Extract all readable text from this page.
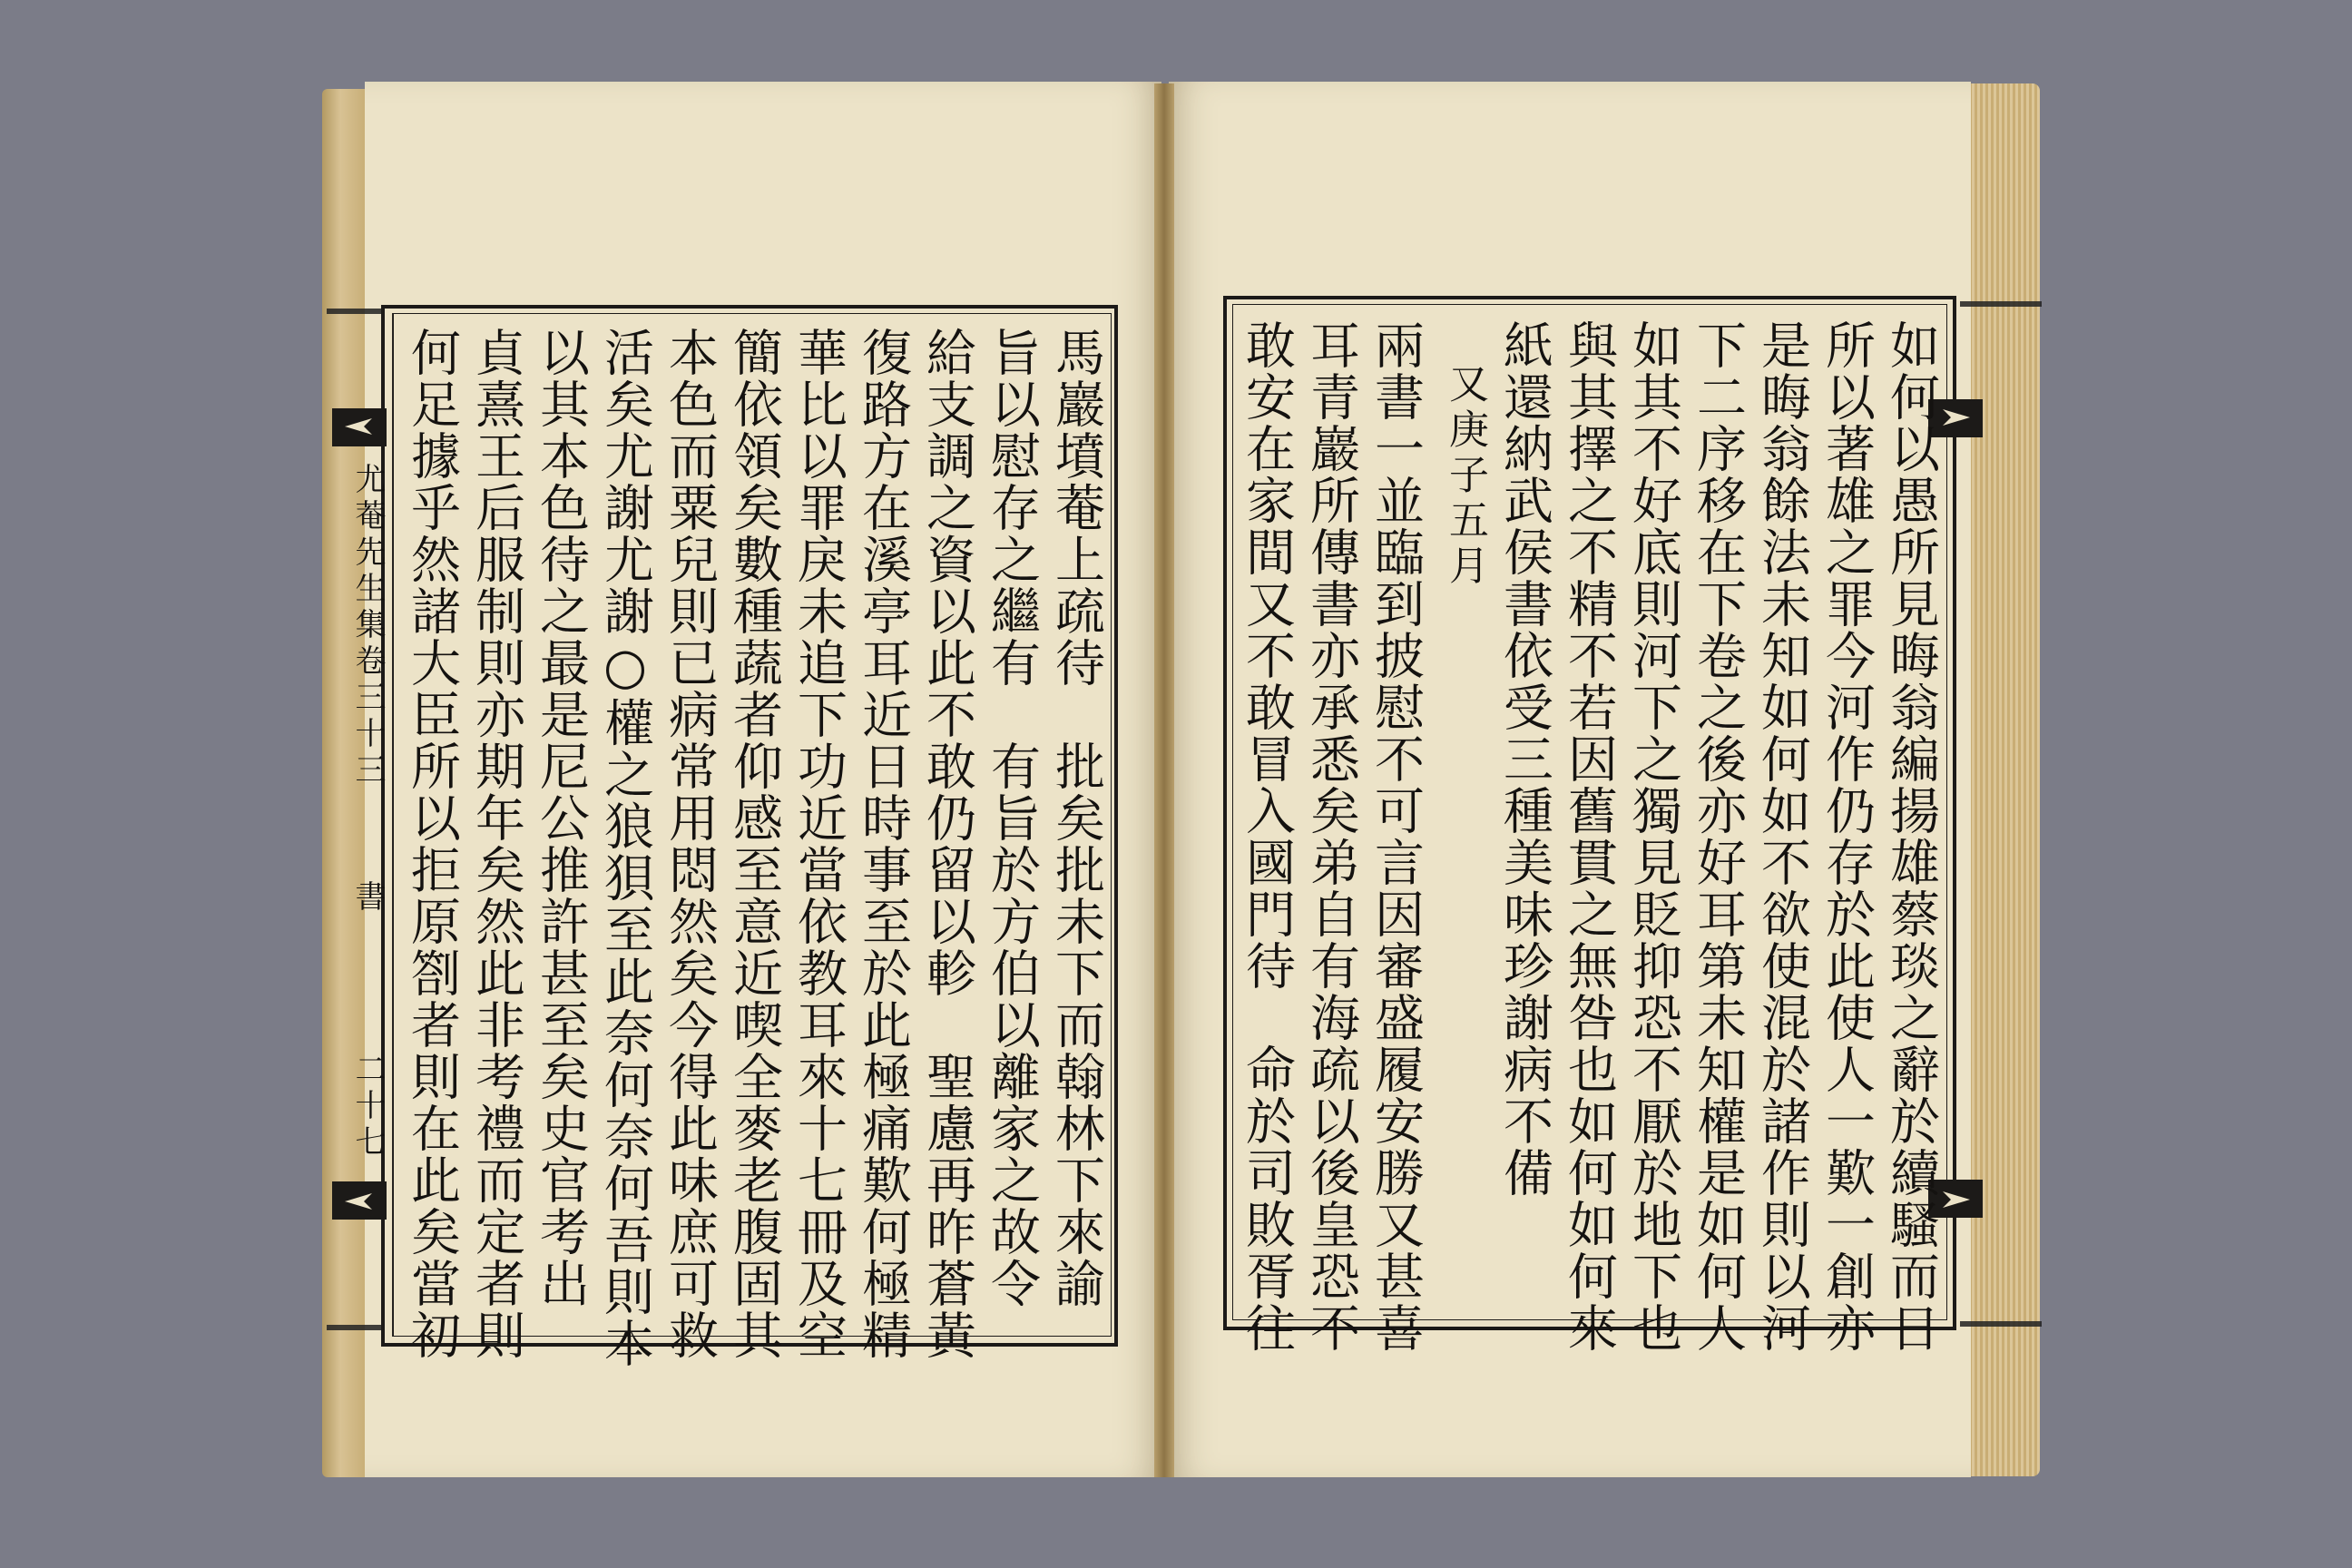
尤菴先生集卷三十三
書
二十七	馬巖墳菴上疏待　批矣批未下而翰林下來諭
旨以慰存之繼有　有旨於方伯以離家之故令
給支調之資以此不敢仍留以軫　聖慮再昨蒼黃
復路方在溪亭耳近日時事至於此極痛歎何極精
華比以罪戾未追下功近當依教耳來十七冊及空
簡依領矣數種蔬者仰感至意近喫全麥老腹固其
本色而粟兒則已病常用悶然矣今得此味庶可救
活矣尤謝尤謝○權之狼狽至此奈何奈何吾則本
以其本色待之最是尼公推許甚至矣史官考出
貞熹王后服制則亦期年矣然此非考禮而定者則
何足據乎然諸大臣所以拒原劄者則在此矣當初	如何以愚所見晦翁編揚雄蔡琰之辭於續騷而日
所以著雄之罪今河作仍存於此使人一歎一創亦
是晦翁餘法未知如何如不欲使混於諸作則以河
下二序移在下卷之後亦好耳第未知權是如何人
如其不好底則河下之獨見貶抑恐不厭於地下也
與其擇之不精不若因舊貫之無咎也如何如何來
紙還納武侯書依受三種美味珍謝病不備
又庚子五月
兩書一並臨到披慰不可言因審盛履安勝又甚喜
耳青巖所傳書亦承悉矣弟自有海疏以後皇恐不
敢安在家間又不敢冒入國門待　命於司敗胥往
